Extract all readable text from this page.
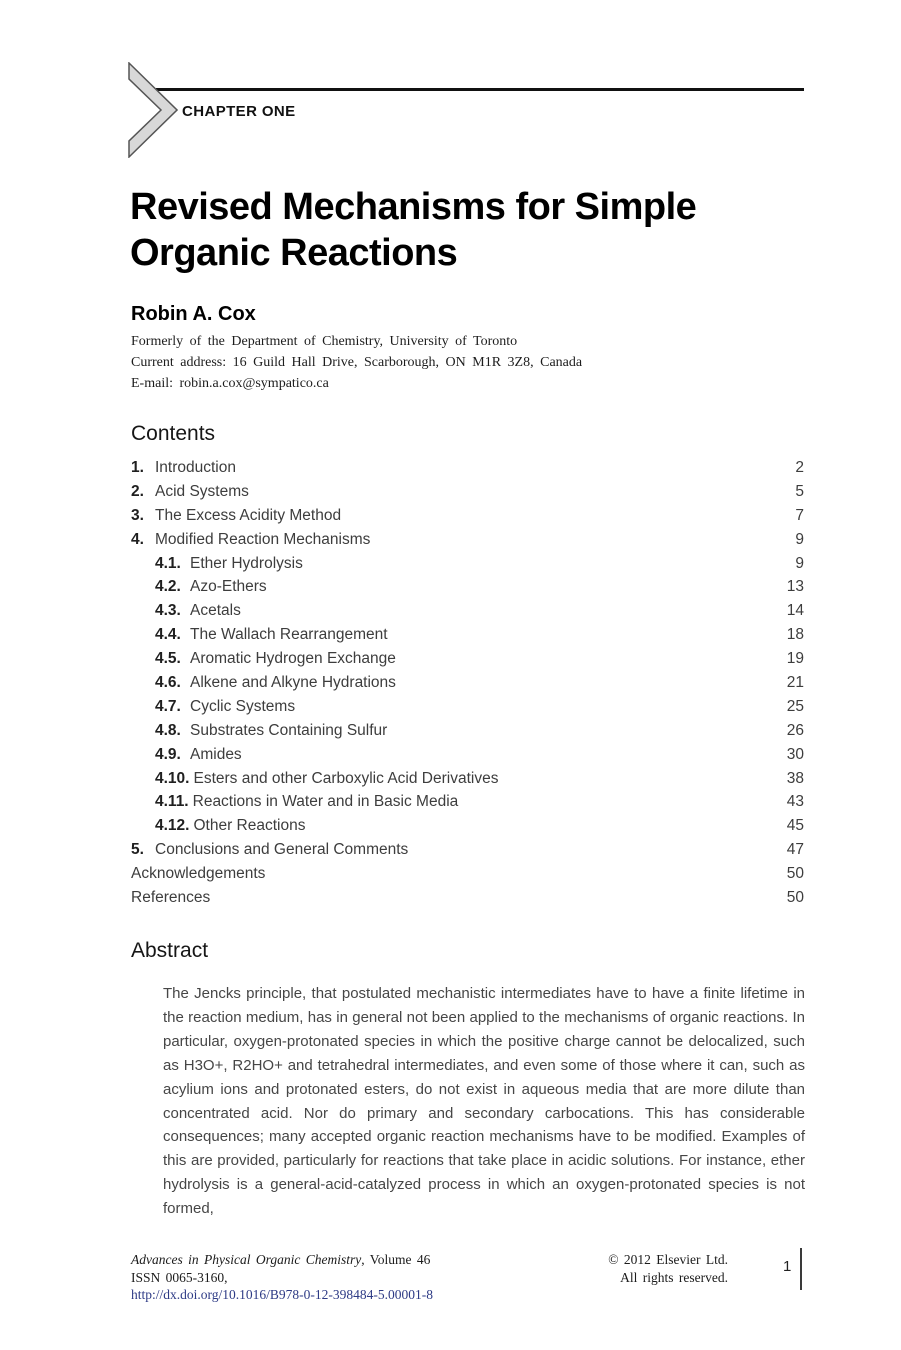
CHAPTER ONE
Revised Mechanisms for Simple Organic Reactions
Robin A. Cox
Formerly of the Department of Chemistry, University of Toronto
Current address: 16 Guild Hall Drive, Scarborough, ON M1R 3Z8, Canada
E-mail: robin.a.cox@sympatico.ca
Contents
1. Introduction	2
2. Acid Systems	5
3. The Excess Acidity Method	7
4. Modified Reaction Mechanisms	9
4.1. Ether Hydrolysis	9
4.2. Azo-Ethers	13
4.3. Acetals	14
4.4. The Wallach Rearrangement	18
4.5. Aromatic Hydrogen Exchange	19
4.6. Alkene and Alkyne Hydrations	21
4.7. Cyclic Systems	25
4.8. Substrates Containing Sulfur	26
4.9. Amides	30
4.10. Esters and other Carboxylic Acid Derivatives	38
4.11. Reactions in Water and in Basic Media	43
4.12. Other Reactions	45
5. Conclusions and General Comments	47
Acknowledgements	50
References	50
Abstract

The Jencks principle, that postulated mechanistic intermediates have to have a finite lifetime in the reaction medium, has in general not been applied to the mechanisms of organic reactions. In particular, oxygen-protonated species in which the positive charge cannot be delocalized, such as H3O+, R2HO+ and tetrahedral intermediates, and even some of those where it can, such as acylium ions and protonated esters, do not exist in aqueous media that are more dilute than concentrated acid. Nor do primary and secondary carbocations. This has considerable consequences; many accepted organic reaction mechanisms have to be modified. Examples of this are provided, particularly for reactions that take place in acidic solutions. For instance, ether hydrolysis is a general-acid-catalyzed process in which an oxygen-protonated species is not formed,

Advances in Physical Organic Chemistry, Volume 46
ISSN 0065-3160,
http://dx.doi.org/10.1016/B978-0-12-398484-5.00001-8
© 2012 Elsevier Ltd.
All rights reserved.
1
